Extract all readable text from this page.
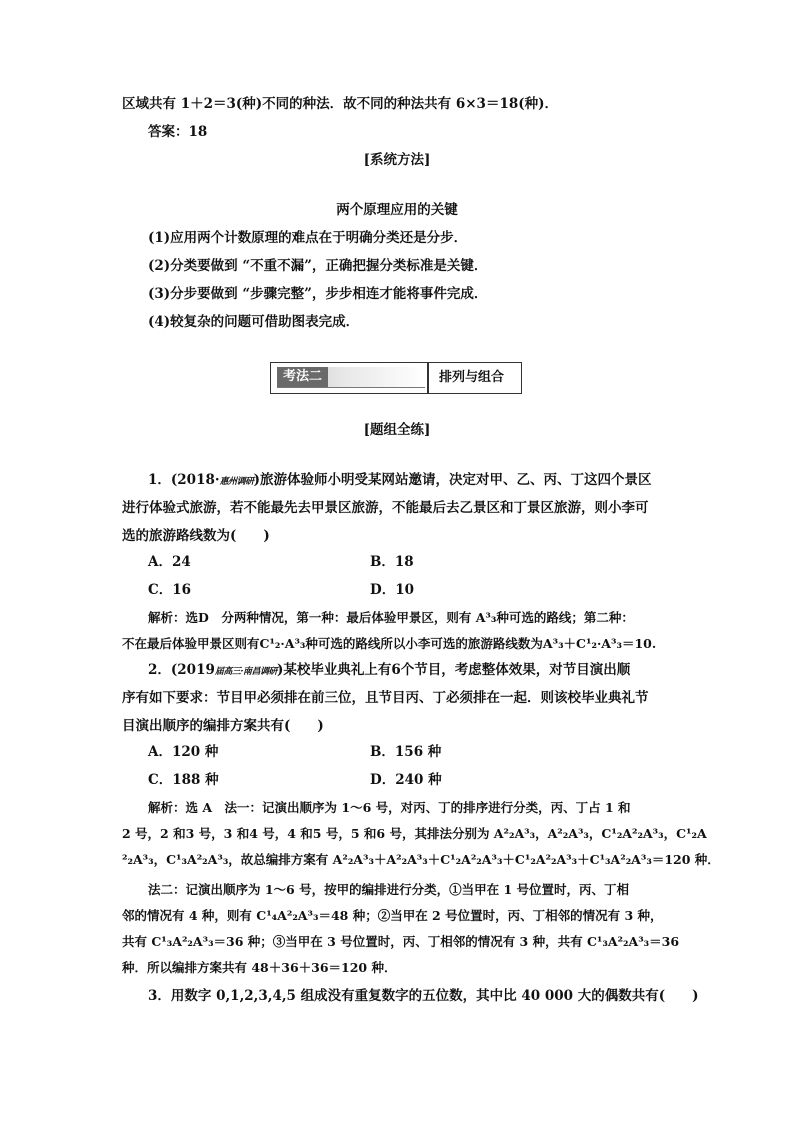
区域共有 1＋2＝3(种)不同的种法．故不同的种法共有 6×3＝18(种)．
答案：18
[系统方法]
两个原理应用的关键
(1)应用两个计数原理的难点在于明确分类还是分步．
(2)分类要做到 “不重不漏”，正确把握分类标准是关键．
(3)分步要做到 “步骤完整”，步步相连才能将事件完成．
(4)较复杂的问题可借助图表完成．
考法二	排列与组合
[题组全练]
1．(2018·惠州调研)旅游体验师小明受某网站邀请，决定对甲、乙、丙、丁这四个景区
进行体验式旅游，若不能最先去甲景区旅游，不能最后去乙景区和丁景区旅游，则小李可
选的旅游路线数为(　　)
A．24	B．18
C．16	D．10
解析：选D　分两种情况，第一种：最后体验甲景区，则有 A³₃种可选的路线；第二种：
不在最后体验甲景区则有C¹₂·A³₃种可选的路线所以小李可选的旅游路线数为A³₃＋C¹₂·A³₃＝10.
2．(2019届高三·南昌调研)某校毕业典礼上有6个节目，考虑整体效果，对节目演出顺
序有如下要求：节目甲必须排在前三位，且节目丙、丁必须排在一起．则该校毕业典礼节
目演出顺序的编排方案共有(　　)
A．120 种	B．156 种
C．188 种	D．240 种
解析：选 A　法一：记演出顺序为 1～6 号，对丙、丁的排序进行分类，丙、丁占 1 和
2 号，2 和3 号，3 和4 号，4 和5 号，5 和6 号，其排法分别为 A²₂A³₃，A²₂A³₃，C¹₂A²₂A³₃，C¹₂A
²₂A³₃，C¹₃A²₂A³₃，故总编排方案有 A²₂A³₃＋A²₂A³₃＋C¹₂A²₂A³₃＋C¹₂A²₂A³₃＋C¹₃A²₂A³₃＝120 种．
法二：记演出顺序为 1～6 号，按甲的编排进行分类，①当甲在 1 号位置时，丙、丁相
邻的情况有 4 种，则有 C¹₄A²₂A³₃＝48 种；②当甲在 2 号位置时，丙、丁相邻的情况有 3 种，
共有 C¹₃A²₂A³₃＝36 种；③当甲在 3 号位置时，丙、丁相邻的情况有 3 种，共有 C¹₃A²₂A³₃＝36
种．所以编排方案共有 48＋36＋36＝120 种．
3．用数字 0,1,2,3,4,5 组成没有重复数字的五位数，其中比 40 000 大的偶数共有(　　)
